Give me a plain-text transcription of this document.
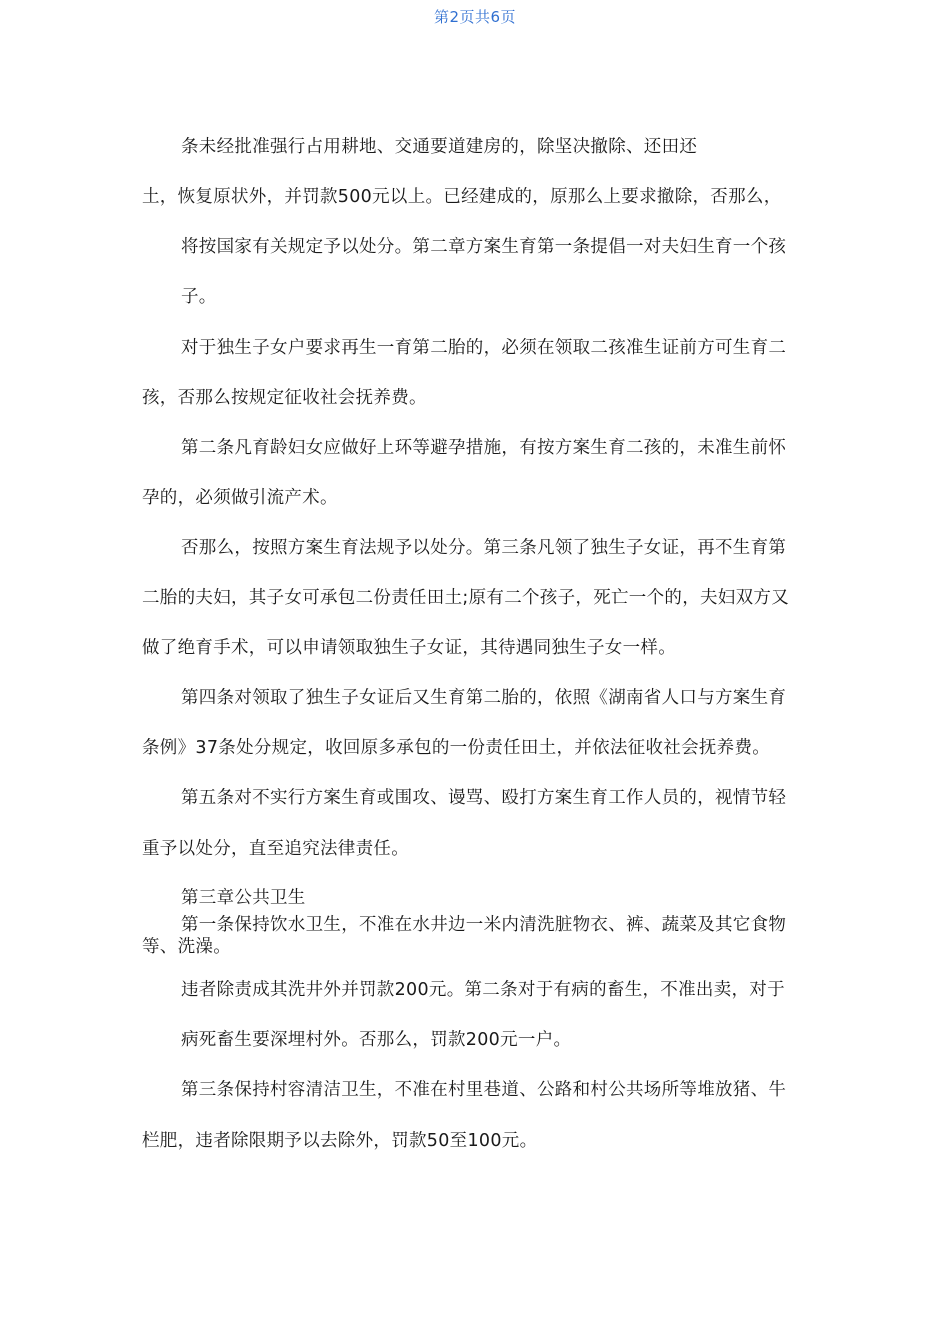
第2页共6页
条未经批准强行占用耕地、交通要道建房的，除坚决撤除、还田还
土，恢复原状外，并罚款500元以上。已经建成的，原那么上要求撤除，否那么，
将按国家有关规定予以处分。第二章方案生育第一条提倡一对夫妇生育一个孩
子。
对于独生子女户要求再生一育第二胎的，必须在领取二孩准生证前方可生育二
孩，否那么按规定征收社会抚养费。
第二条凡育龄妇女应做好上环等避孕措施，有按方案生育二孩的，未准生前怀
孕的，必须做引流产术。
否那么，按照方案生育法规予以处分。第三条凡领了独生子女证，再不生育第
二胎的夫妇，其子女可承包二份责任田土;原有二个孩子，死亡一个的，夫妇双方又
做了绝育手术，可以申请领取独生子女证，其待遇同独生子女一样。
第四条对领取了独生子女证后又生育第二胎的，依照《湖南省人口与方案生育
条例》37条处分规定，收回原多承包的一份责任田土，并依法征收社会抚养费。
第五条对不实行方案生育或围攻、谩骂、殴打方案生育工作人员的，视情节轻
重予以处分，直至追究法律责任。
第三章公共卫生
第一条保持饮水卫生，不准在水井边一米内清洗脏物衣、裤、蔬菜及其它食物
等、洗澡。
违者除责成其洗井外并罚款200元。第二条对于有病的畜生，不准出卖，对于
病死畜生要深埋村外。否那么，罚款200元一户。
第三条保持村容清洁卫生，不准在村里巷道、公路和村公共场所等堆放猪、牛
栏肥，违者除限期予以去除外，罚款50至100元。
